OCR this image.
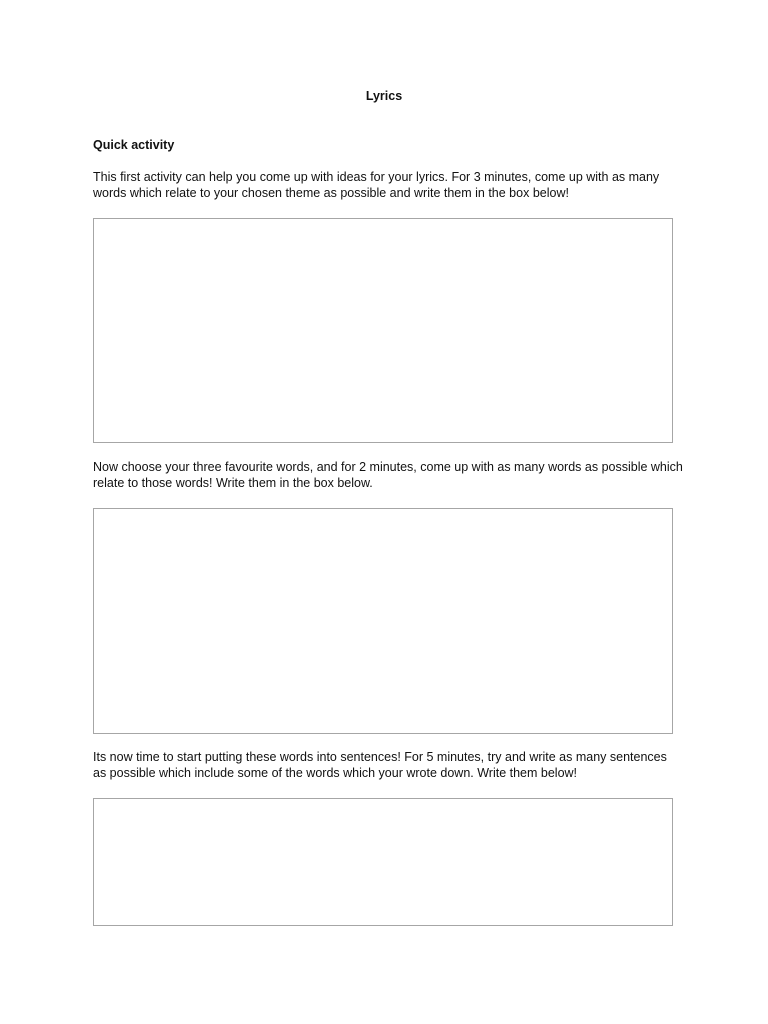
Lyrics
Quick activity

This first activity can help you come up with ideas for your lyrics. For 3 minutes, come up with as many words which relate to your chosen theme as possible and write them in the box below!

Now choose your three favourite words, and for 2 minutes, come up with as many words as possible which relate to those words! Write them in the box below.

Its now time to start putting these words into sentences! For 5 minutes, try and write as many sentences as possible which include some of the words which your wrote down. Write them below!
